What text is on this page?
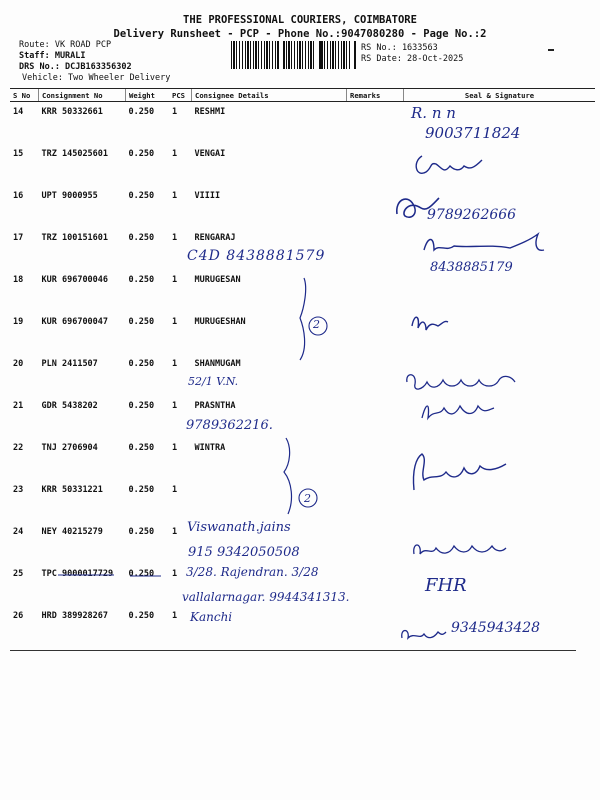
THE PROFESSIONAL COURIERS, COIMBATORE
Delivery Runsheet - PCP - Phone No.:9047080280 - Page No.:2
Route: VK ROAD PCP
Staff: MURALI
DRS No.: DCJB163356302
Vehicle: Two Wheeler Delivery
RS No.: 1633563
RS Date: 28-Oct-2025
S No	Consignment No	Weight	PCS	Consignee Details	Remarks	Seal & Signature
14	KRR 50332661	0.250	1	RESHMI		
15	TRZ 145025601	0.250	1	VENGAI		
16	UPT 9000955	0.250	1	VIIII		
17	TRZ 100151601	0.250	1	RENGARAJ		
18	KUR 696700046	0.250	1	MURUGESAN		
19	KUR 696700047	0.250	1	MURUGESHAN		
20	PLN 2411507	0.250	1	SHANMUGAM		
21	GDR 5438202	0.250	1	PRASNTHA		
22	TNJ 2706904	0.250	1	WINTRA		
23	KRR 50331221	0.250	1			
24	NEY 40215279	0.250	1			
25	TPC 9000017729	0.250	1			
26	HRD 389928267	0.250	1			
R. n n
9003711824
9789262666
C4D 8438881579
8438885179
2
52/1 V.N.
9789362216.
2
Viswanath.jains
915 9342050508
3/28. Rajendran. 3/28
vallalarnagar. 9944341313.
FHR
Kanchi
9345943428
